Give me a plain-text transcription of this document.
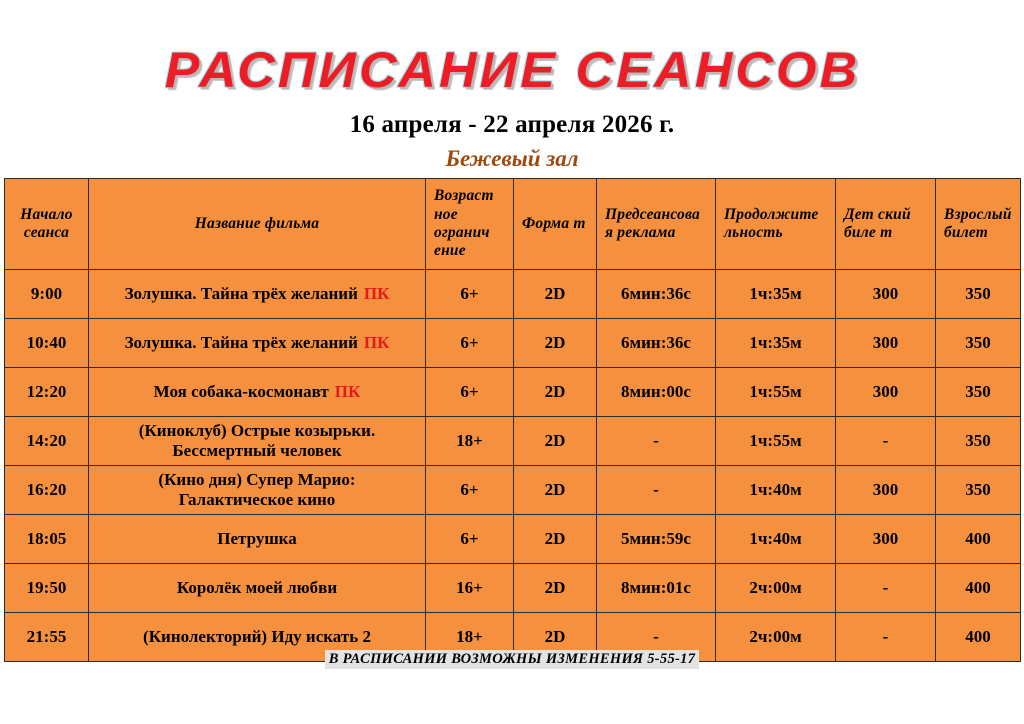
РАСПИСАНИЕ СЕАНСОВ
16 апреля - 22 апреля 2026 г.
Бежевый зал
Начало сеанса	Название фильма	Возраст ное огранич ение	Форма т	Предсеансова я реклама	Продолжите льность	Дет ский биле т	Взрослый билет
9:00	Золушка. Тайна трёх желаний ПК	6+	2D	6мин:36с	1ч:35м	300	350
10:40	Золушка. Тайна трёх желаний ПК	6+	2D	6мин:36с	1ч:35м	300	350
12:20	Моя собака-космонавт ПК	6+	2D	8мин:00с	1ч:55м	300	350
14:20	(Киноклуб) Острые козырьки.
Бессмертный человек	18+	2D	-	1ч:55м	-	350
16:20	(Кино дня) Супер Марио:
Галактическое кино	6+	2D	-	1ч:40м	300	350
18:05	Петрушка	6+	2D	5мин:59с	1ч:40м	300	400
19:50	Королёк моей любви	16+	2D	8мин:01с	2ч:00м	-	400
21:55	(Кинолекторий) Иду искать 2	18+	2D	-	2ч:00м	-	400
В РАСПИСАНИИ ВОЗМОЖНЫ ИЗМЕНЕНИЯ 5-55-17
